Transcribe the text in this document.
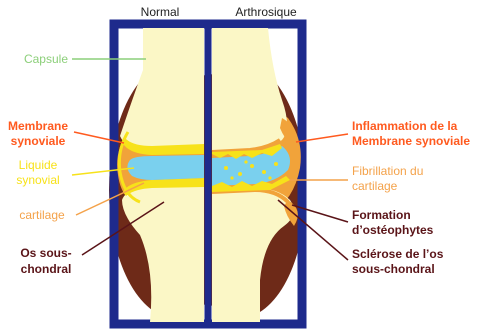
Normal	Arthrosique
Capsule
Membrane
synoviale
Liquide
synovial
cartilage
Os sous-
chondral
Inflammation de la
Membrane synoviale
Fibrillation du
cartilage
Formation
d’ostéophytes
Sclérose de l’os
sous-chondral
